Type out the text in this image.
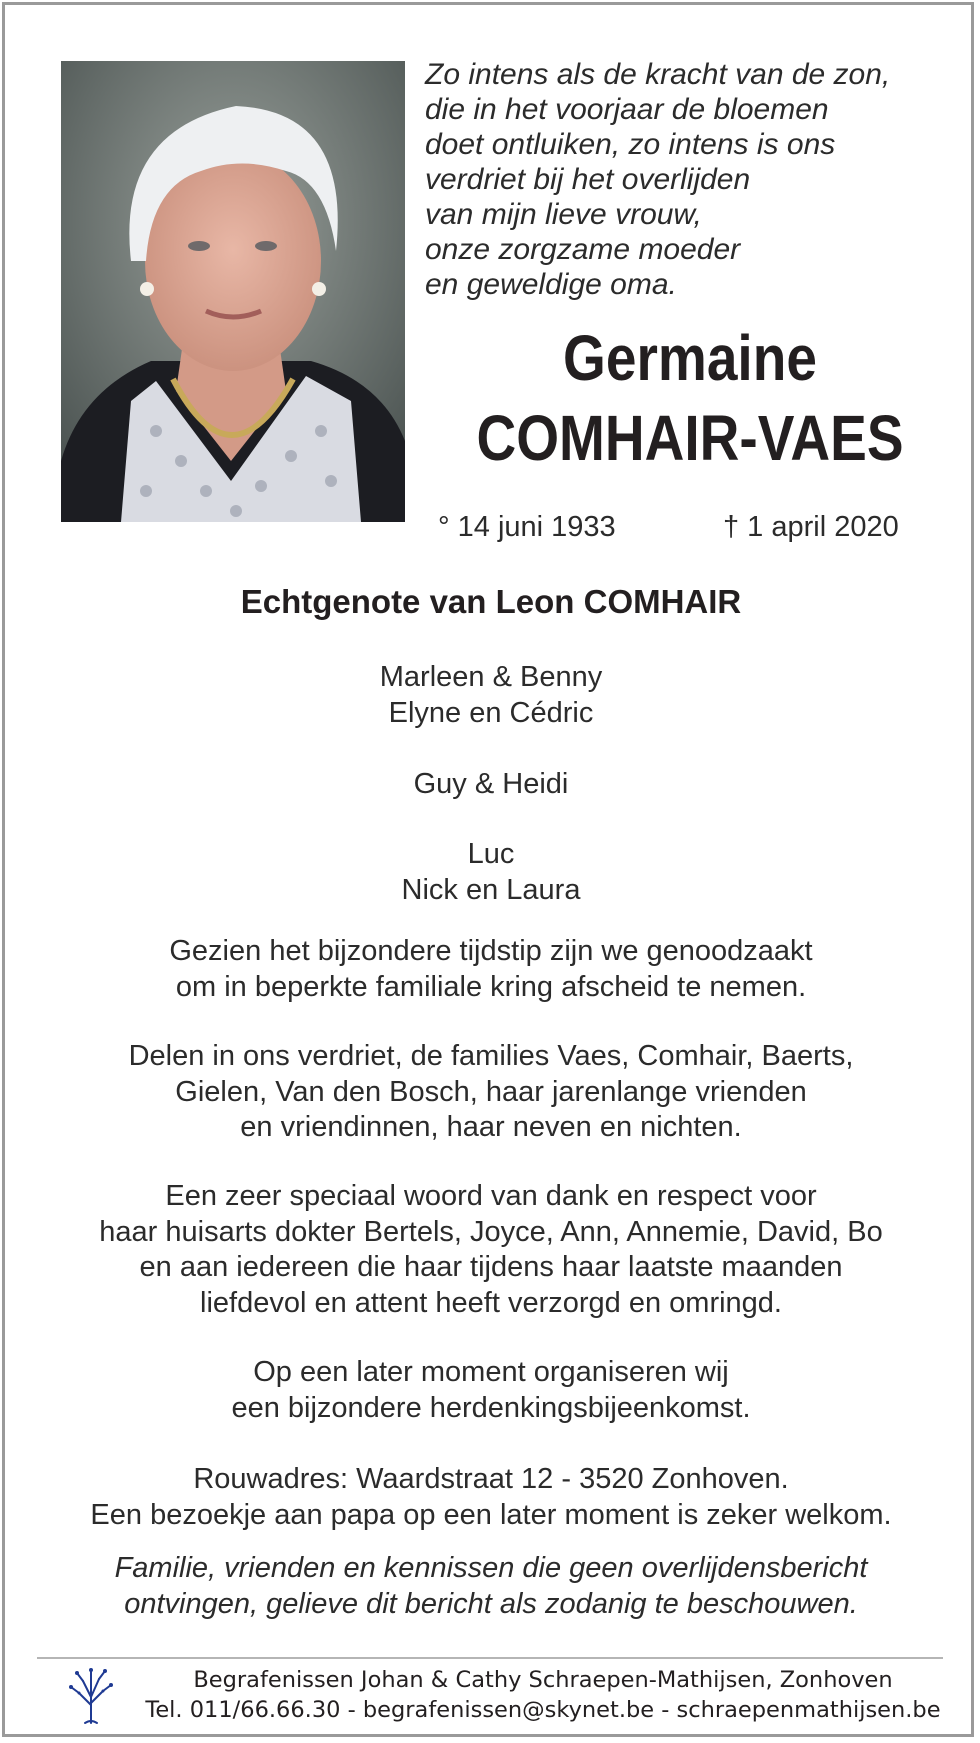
Zo intens als de kracht van de zon,
die in het voorjaar de bloemen
doet ontluiken, zo intens is ons
verdriet bij het overlijden
van mijn lieve vrouw,
onze zorgzame moeder
en geweldige oma.
Germaine
COMHAIR-VAES
° 14 juni 1933	† 1 april 2020
Echtgenote van Leon COMHAIR
Marleen & Benny
Elyne en Cédric
Guy & Heidi
Luc
Nick en Laura
Gezien het bijzondere tijdstip zijn we genoodzaakt
om in beperkte familiale kring afscheid te nemen.
Delen in ons verdriet, de families Vaes, Comhair, Baerts,
Gielen, Van den Bosch, haar jarenlange vrienden
en vriendinnen, haar neven en nichten.
Een zeer speciaal woord van dank en respect voor
haar huisarts dokter Bertels, Joyce, Ann, Annemie, David, Bo
en aan iedereen die haar tijdens haar laatste maanden
liefdevol en attent heeft verzorgd en omringd.
Op een later moment organiseren wij
een bijzondere herdenkingsbijeenkomst.
Rouwadres: Waardstraat 12 - 3520 Zonhoven.
Een bezoekje aan papa op een later moment is zeker welkom.
Familie, vrienden en kennissen die geen overlijdensbericht
ontvingen, gelieve dit bericht als zodanig te beschouwen.
Begrafenissen Johan & Cathy Schraepen-Mathijsen, Zonhoven
Tel. 011/66.66.30 - begrafenissen@skynet.be - schraepenmathijsen.be
